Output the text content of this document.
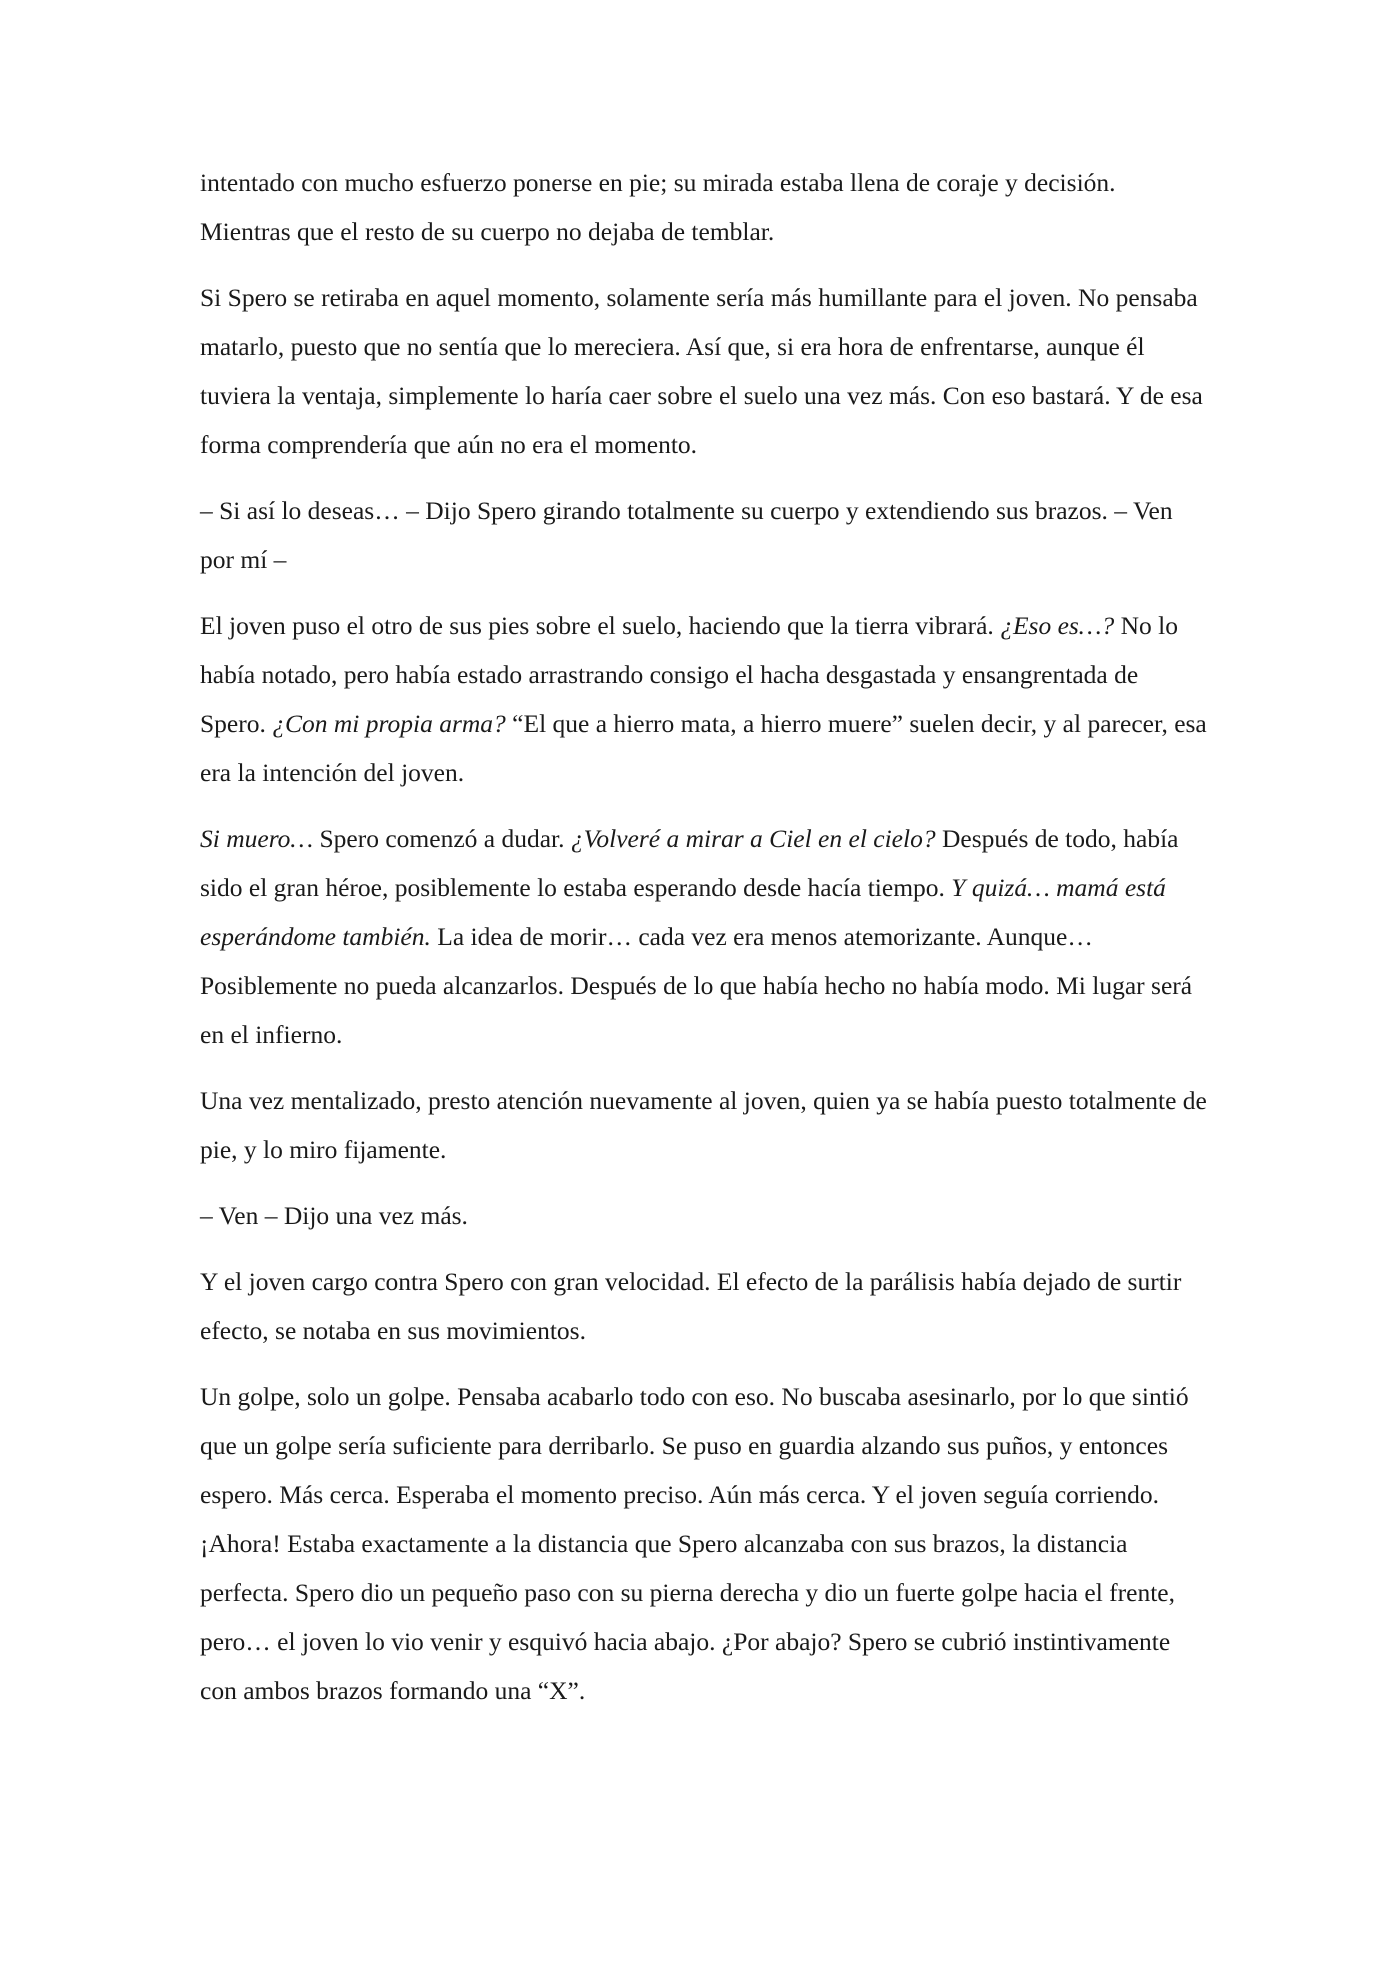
intentado con mucho esfuerzo ponerse en pie; su mirada estaba llena de coraje y decisión. Mientras que el resto de su cuerpo no dejaba de temblar.

Si Spero se retiraba en aquel momento, solamente sería más humillante para el joven. No pensaba matarlo, puesto que no sentía que lo mereciera. Así que, si era hora de enfrentarse, aunque él tuviera la ventaja, simplemente lo haría caer sobre el suelo una vez más. Con eso bastará. Y de esa forma comprendería que aún no era el momento.

– Si así lo deseas… – Dijo Spero girando totalmente su cuerpo y extendiendo sus brazos. – Ven por mí –

El joven puso el otro de sus pies sobre el suelo, haciendo que la tierra vibrará. ¿Eso es…? No lo había notado, pero había estado arrastrando consigo el hacha desgastada y ensangrentada de Spero. ¿Con mi propia arma? “El que a hierro mata, a hierro muere” suelen decir, y al parecer, esa era la intención del joven.

Si muero… Spero comenzó a dudar. ¿Volveré a mirar a Ciel en el cielo? Después de todo, había sido el gran héroe, posiblemente lo estaba esperando desde hacía tiempo. Y quizá… mamá está esperándome también. La idea de morir… cada vez era menos atemorizante. Aunque… Posiblemente no pueda alcanzarlos. Después de lo que había hecho no había modo. Mi lugar será en el infierno.

Una vez mentalizado, presto atención nuevamente al joven, quien ya se había puesto totalmente de pie, y lo miro fijamente.

– Ven – Dijo una vez más.

Y el joven cargo contra Spero con gran velocidad. El efecto de la parálisis había dejado de surtir efecto, se notaba en sus movimientos.

Un golpe, solo un golpe. Pensaba acabarlo todo con eso. No buscaba asesinarlo, por lo que sintió que un golpe sería suficiente para derribarlo. Se puso en guardia alzando sus puños, y entonces espero. Más cerca. Esperaba el momento preciso. Aún más cerca. Y el joven seguía corriendo. ¡Ahora! Estaba exactamente a la distancia que Spero alcanzaba con sus brazos, la distancia perfecta. Spero dio un pequeño paso con su pierna derecha y dio un fuerte golpe hacia el frente, pero… el joven lo vio venir y esquivó hacia abajo. ¿Por abajo? Spero se cubrió instintivamente con ambos brazos formando una “X”.
